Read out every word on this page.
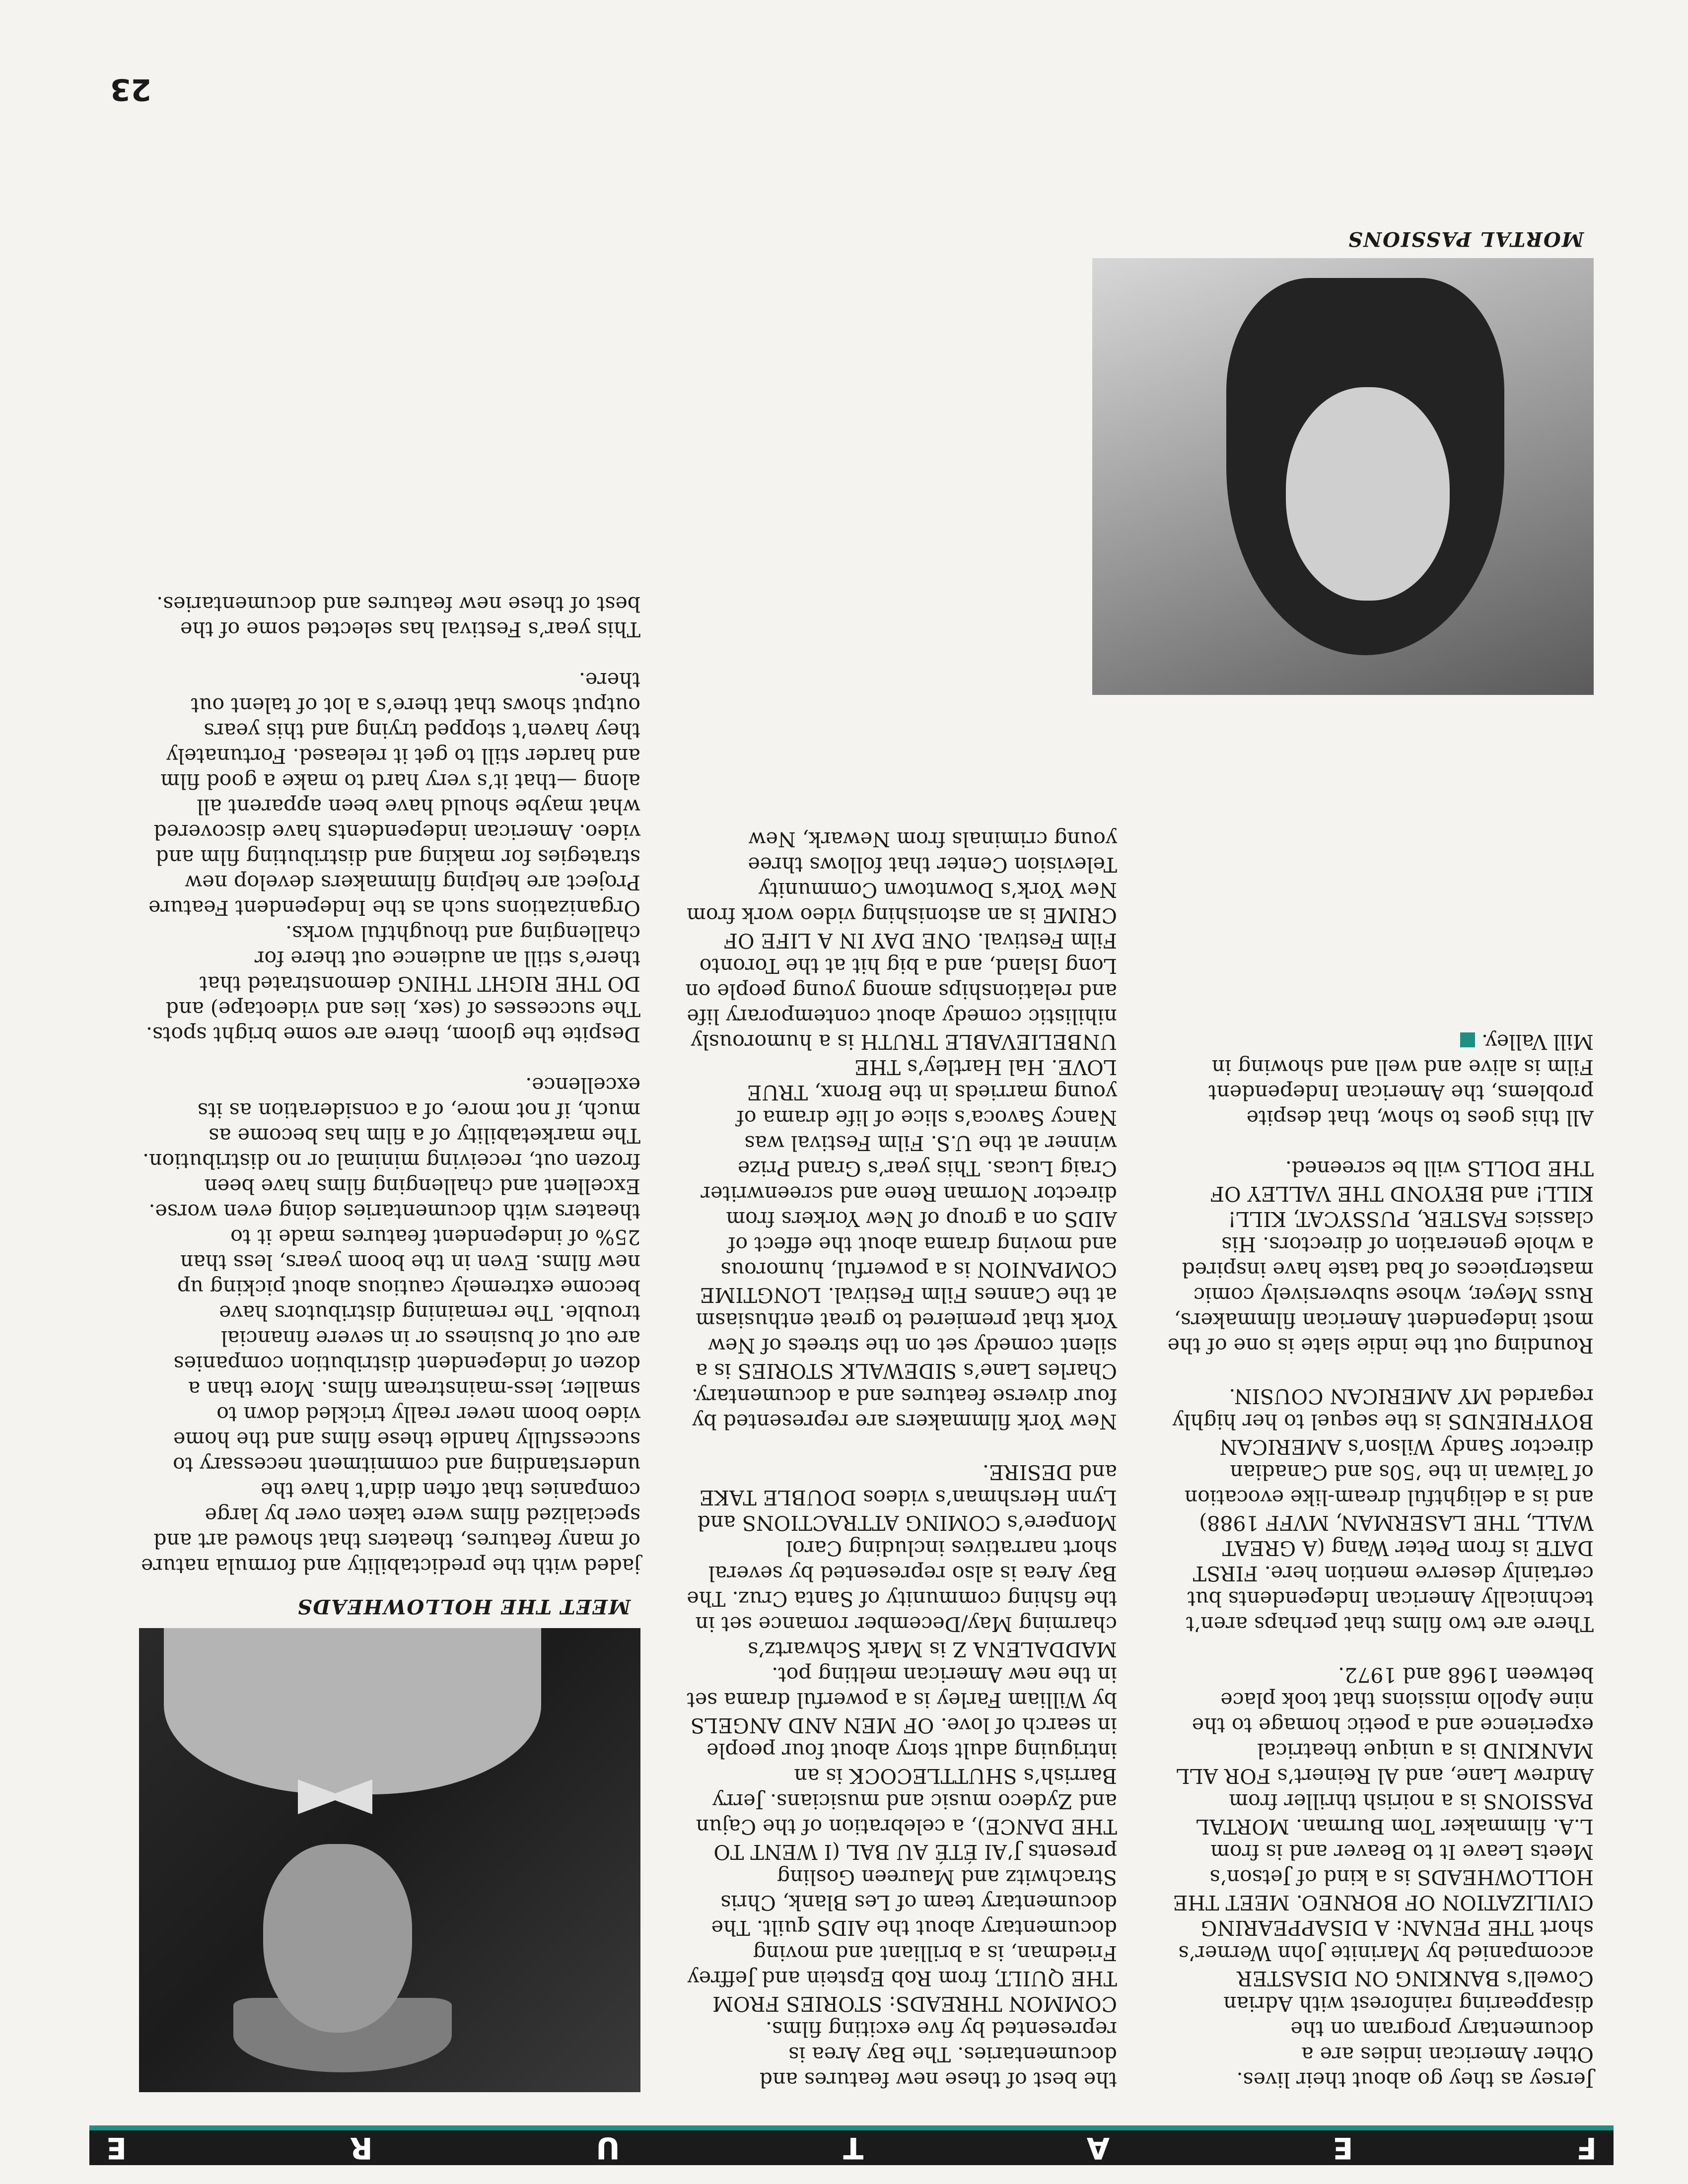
F
E
A
T
U
R
E

Jersey as they go about their lives.

Other American indies are a documentary program on the disappearing rainforest with Adrian Cowell’s BANKING ON DISASTER accompanied by Marinite John Werner’s short THE PENAN: A DISAPPEARING CIVILIZATION OF BORNEO. MEET THE HOLLOWHEADS is a kind of Jetson’s Meets Leave It to Beaver and is from L.A. filmmaker Tom Burman. MORTAL PASSIONS is a noirish thriller from Andrew Lane, and Al Reinert’s FOR ALL MANKIND is a unique theatrical experience and a poetic homage to the nine Apollo missions that took place between 1968 and 1972.

There are two films that perhaps aren’t technically American Independents but certainly deserve mention here. FIRST DATE is from Peter Wang (A GREAT WALL, THE LASERMAN, MVFF 1988) and is a delightful dream-like evocation of Taiwan in the ’50s and Canadian director Sandy Wilson’s AMERICAN BOYFRIENDS is the sequel to her highly regarded MY AMERICAN COUSIN.

Rounding out the indie slate is one of the most independent American filmmakers, Russ Meyer, whose subversively comic masterpieces of bad taste have inspired a whole generation of directors. His classics FASTER, PUSSYCAT, KILL! KILL! and BEYOND THE VALLEY OF THE DOLLS will be screened.

All this goes to show, that despite problems, the American Independent Film is alive and well and showing in Mill Valley.

the best of these new features and documentaries. The Bay Area is represented by five exciting films. COMMON THREADS: STORIES FROM THE QUILT, from Rob Epstein and Jeffrey Friedman, is a brilliant and moving documentary about the AIDS quilt. The documentary team of Les Blank, Chris Strachwitz and Maureen Gosling presents J’AI ÉTÉ AU BAL (I WENT TO THE DANCE), a celebration of the Cajun and Zydeco music and musicians. Jerry Barrish’s SHUTTLECOCK is an intriguing adult story about four people in search of love. OF MEN AND ANGELS by William Farley is a powerful drama set in the new American melting pot. MADDALENA Z is Mark Schwartz’s charming May/December romance set in the fishing community of Santa Cruz. The Bay Area is also represented by several short narratives including Carol Monpere’s COMING ATTRACTIONS and Lynn Hershman’s videos DOUBLE TAKE and DESIRE.

New York filmmakers are represented by four diverse features and a documentary. Charles Lane’s SIDEWALK STORIES is a silent comedy set on the streets of New York that premiered to great enthusiasm at the Cannes Film Festival. LONGTIME COMPANION is a powerful, humorous and moving drama about the effect of AIDS on a group of New Yorkers from director Norman Rene and screenwriter Craig Lucas. This year’s Grand Prize winner at the U.S. Film Festival was Nancy Savoca’s slice of life drama of young marrieds in the Bronx, TRUE LOVE. Hal Hartley’s THE UNBELIEVABLE TRUTH is a humorously nihilistic comedy about contemporary life and relationships among young people on Long Island, and a big hit at the Toronto Film Festival. ONE DAY IN A LIFE OF CRIME is an astonishing video work from New York’s Downtown Community Television Center that follows three young criminals from Newark, New

MORTAL PASSIONS
MEET THE HOLLOWHEADS

jaded with the predictability and formula nature of many features, theaters that showed art and specialized films were taken over by large companies that often didn’t have the understanding and commitment necessary to successfully handle these films and the home video boom never really trickled down to smaller, less-mainstream films. More than a dozen of independent distribution companies are out of business or in severe financial trouble. The remaining distributors have become extremely cautious about picking up new films. Even in the boom years, less than 25% of independent features made it to theaters with documentaries doing even worse. Excellent and challenging films have been frozen out, receiving minimal or no distribution. The marketability of a film has become as much, if not more, of a consideration as its excellence.

Despite the gloom, there are some bright spots. The successes of (sex, lies and videotape) and DO THE RIGHT THING demonstrated that there’s still an audience out there for challenging and thoughtful works. Organizations such as the Independent Feature Project are helping filmmakers develop new strategies for making and distributing film and video. American independents have discovered what maybe should have been apparent all along —that it’s very hard to make a good film and harder still to get it released. Fortunately they haven’t stopped trying and this years output shows that there’s a lot of talent out there.

This year’s Festival has selected some of the best of these new features and documentaries.

23
